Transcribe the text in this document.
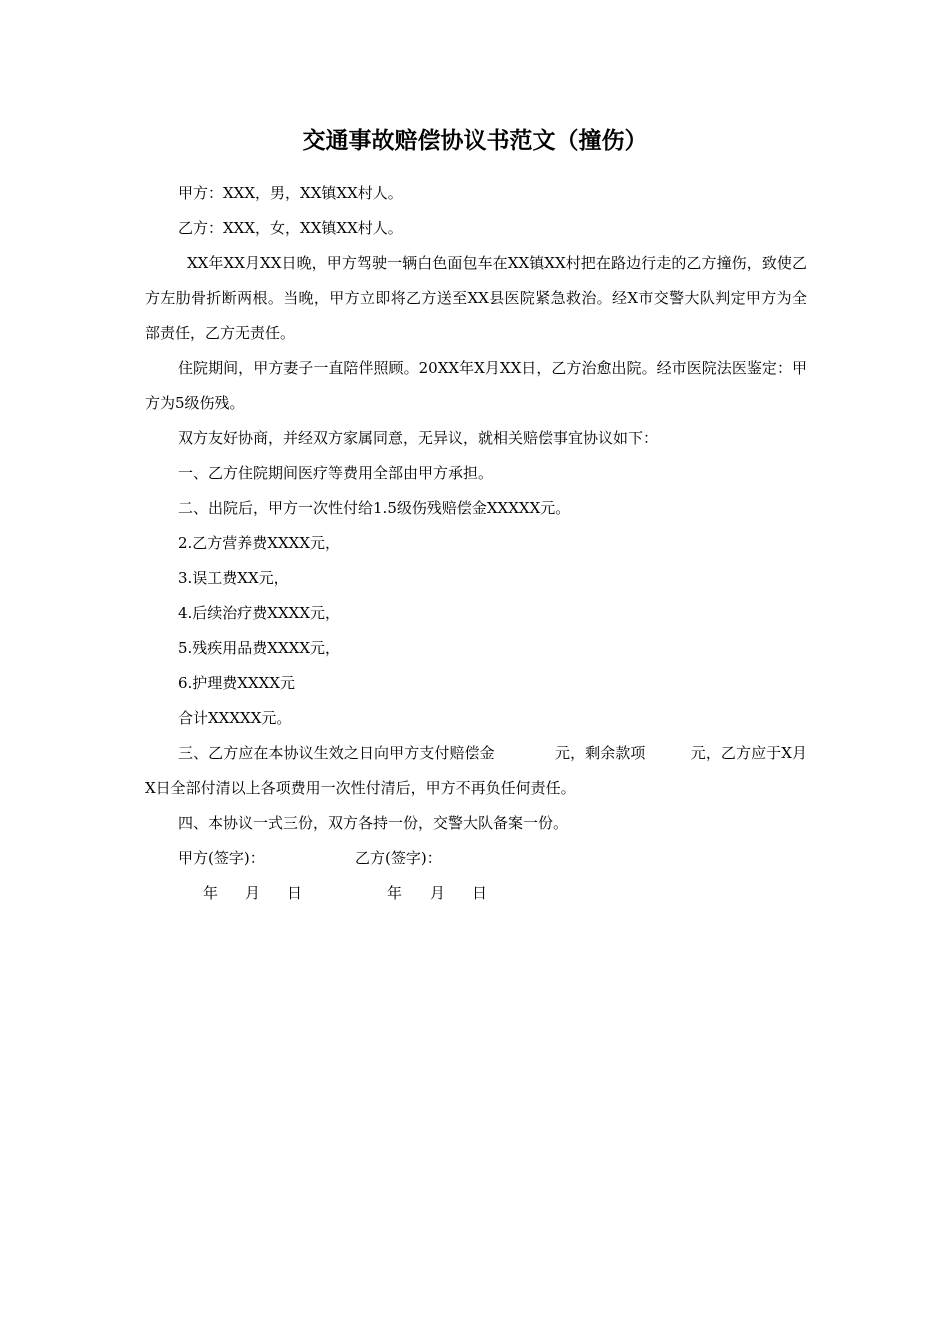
交通事故赔偿协议书范文（撞伤）

甲方：XXX，男，XX镇XX村人。

乙方：XXX，女，XX镇XX村人。

XX年XX月XX日晚，甲方驾驶一辆白色面包车在XX镇XX村把在路边行走的乙方撞伤，致使乙方左肋骨折断两根。当晚，甲方立即将乙方送至XX县医院紧急救治。经X市交警大队判定甲方为全部责任，乙方无责任。

住院期间，甲方妻子一直陪伴照顾。20XX年X月XX日，乙方治愈出院。经市医院法医鉴定：甲方为5级伤残。

双方友好协商，并经双方家属同意，无异议，就相关赔偿事宜协议如下：

一、乙方住院期间医疗等费用全部由甲方承担。

二、出院后，甲方一次性付给1.5级伤残赔偿金XXXXX元。

2.乙方营养费XXXX元，

3.误工费XX元，

4.后续治疗费XXXX元，

5.残疾用品费XXXX元，

6.护理费XXXX元

合计XXXXX元。

三、乙方应在本协议生效之日向甲方支付赔偿金　　　　元，剩余款项　　　元，乙方应于X月X日全部付清以上各项费用一次性付清后，甲方不再负任何责任。

四、本协议一式三份，双方各持一份，交警大队备案一份。

甲方(签字)：	乙方(签字)：
年 月 日	年 月 日
